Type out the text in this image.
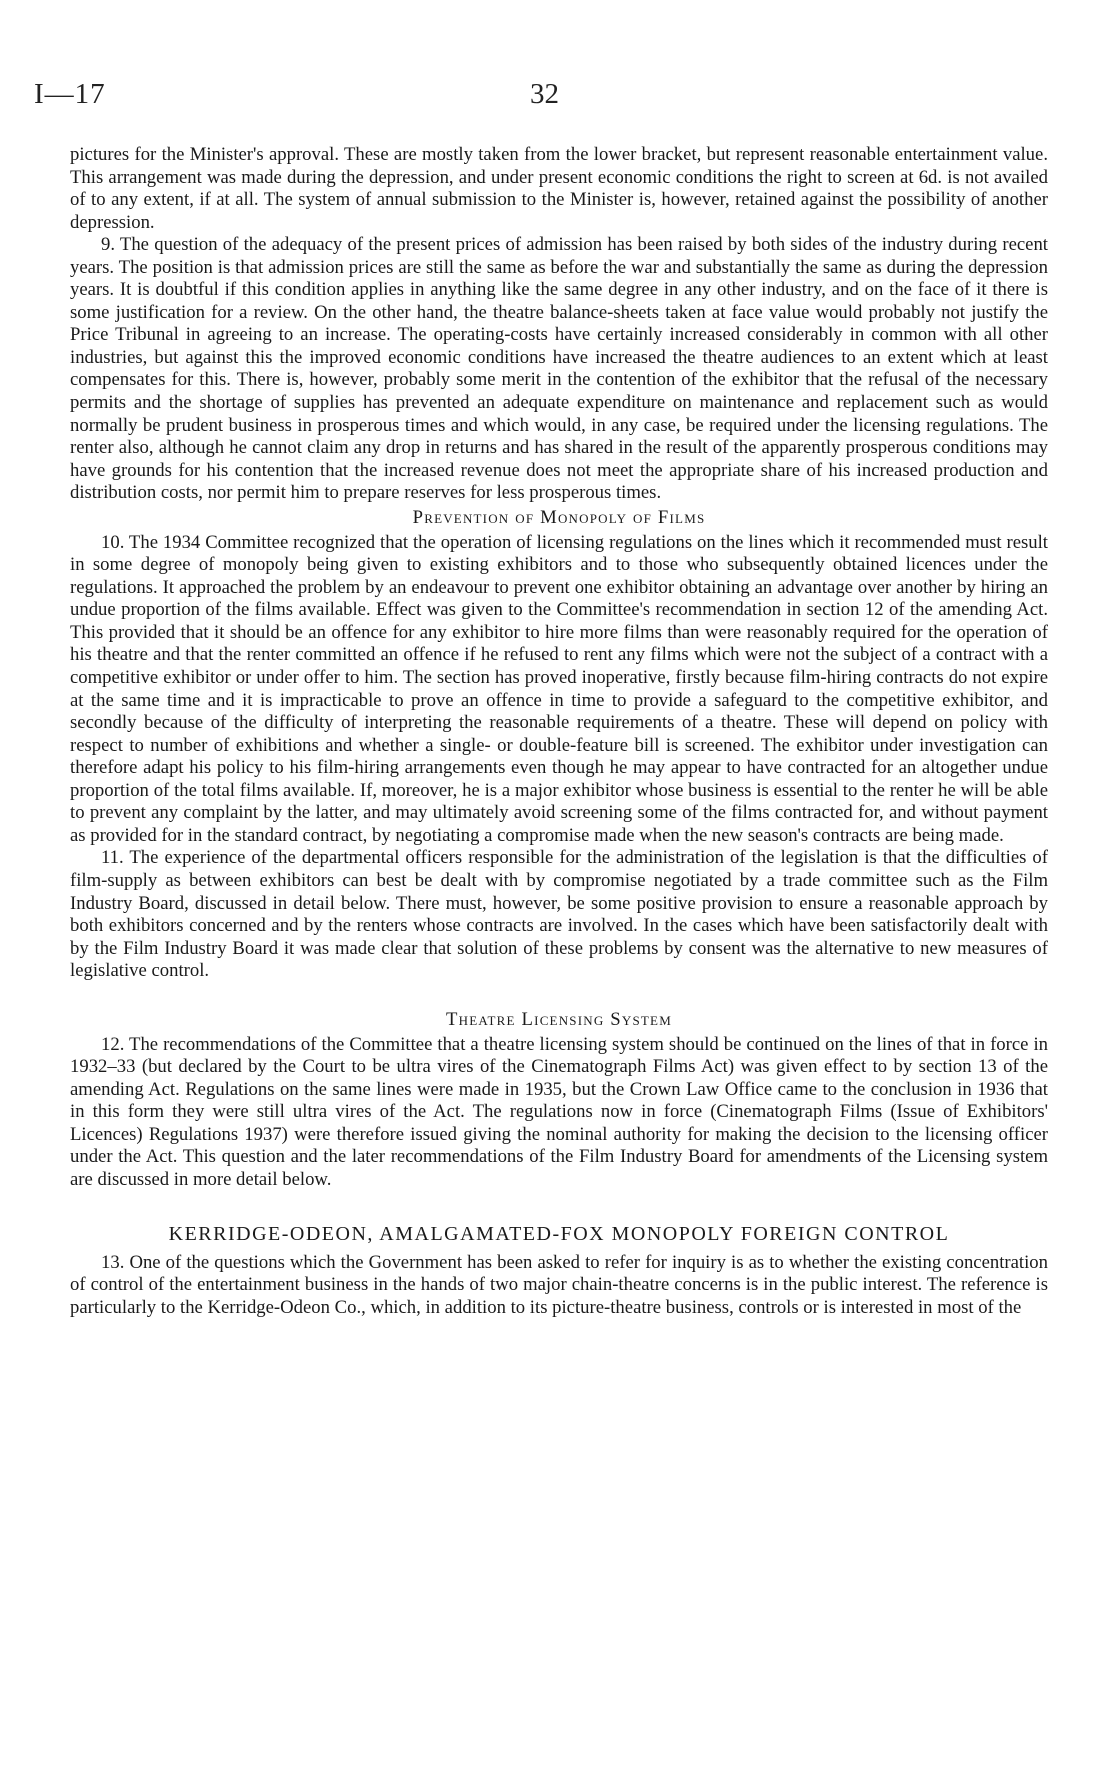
I—17	32

pictures for the Minister's approval. These are mostly taken from the lower bracket, but represent reasonable entertainment value. This arrangement was made during the depression, and under present economic conditions the right to screen at 6d. is not availed of to any extent, if at all. The system of annual submission to the Minister is, however, retained against the possibility of another depression.

9. The question of the adequacy of the present prices of admission has been raised by both sides of the industry during recent years. The position is that admission prices are still the same as before the war and substantially the same as during the depression years. It is doubtful if this condition applies in anything like the same degree in any other industry, and on the face of it there is some justification for a review. On the other hand, the theatre balance-sheets taken at face value would probably not justify the Price Tribunal in agreeing to an increase. The operating-costs have certainly increased considerably in common with all other industries, but against this the improved economic conditions have increased the theatre audiences to an extent which at least compensates for this. There is, however, probably some merit in the contention of the exhibitor that the refusal of the necessary permits and the shortage of supplies has prevented an adequate expenditure on maintenance and replacement such as would normally be prudent business in prosperous times and which would, in any case, be required under the licensing regulations. The renter also, although he cannot claim any drop in returns and has shared in the result of the apparently prosperous conditions may have grounds for his contention that the increased revenue does not meet the appropriate share of his increased production and distribution costs, nor permit him to prepare reserves for less prosperous times.

Prevention of Monopoly of Films

10. The 1934 Committee recognized that the operation of licensing regulations on the lines which it recommended must result in some degree of monopoly being given to existing exhibitors and to those who subsequently obtained licences under the regulations. It approached the problem by an endeavour to prevent one exhibitor obtaining an advantage over another by hiring an undue proportion of the films available. Effect was given to the Committee's recommendation in section 12 of the amending Act. This provided that it should be an offence for any exhibitor to hire more films than were reasonably required for the operation of his theatre and that the renter committed an offence if he refused to rent any films which were not the subject of a contract with a competitive exhibitor or under offer to him. The section has proved inoperative, firstly because film-hiring contracts do not expire at the same time and it is impracticable to prove an offence in time to provide a safeguard to the competitive exhibitor, and secondly because of the difficulty of interpreting the reasonable requirements of a theatre. These will depend on policy with respect to number of exhibitions and whether a single- or double-feature bill is screened. The exhibitor under investigation can therefore adapt his policy to his film-hiring arrangements even though he may appear to have contracted for an altogether undue proportion of the total films available. If, moreover, he is a major exhibitor whose business is essential to the renter he will be able to prevent any complaint by the latter, and may ultimately avoid screening some of the films contracted for, and without payment as provided for in the standard contract, by negotiating a compromise made when the new season's contracts are being made.

11. The experience of the departmental officers responsible for the administration of the legislation is that the difficulties of film-supply as between exhibitors can best be dealt with by compromise negotiated by a trade committee such as the Film Industry Board, discussed in detail below. There must, however, be some positive provision to ensure a reasonable approach by both exhibitors concerned and by the renters whose contracts are involved. In the cases which have been satisfactorily dealt with by the Film Industry Board it was made clear that solution of these problems by consent was the alternative to new measures of legislative control.

Theatre Licensing System

12. The recommendations of the Committee that a theatre licensing system should be continued on the lines of that in force in 1932–33 (but declared by the Court to be ultra vires of the Cinematograph Films Act) was given effect to by section 13 of the amending Act. Regulations on the same lines were made in 1935, but the Crown Law Office came to the conclusion in 1936 that in this form they were still ultra vires of the Act. The regulations now in force (Cinematograph Films (Issue of Exhibitors' Licences) Regulations 1937) were therefore issued giving the nominal authority for making the decision to the licensing officer under the Act. This question and the later recommendations of the Film Industry Board for amendments of the Licensing system are discussed in more detail below.

KERRIDGE-ODEON, AMALGAMATED-FOX MONOPOLY FOREIGN CONTROL

13. One of the questions which the Government has been asked to refer for inquiry is as to whether the existing concentration of control of the entertainment business in the hands of two major chain-theatre concerns is in the public interest. The reference is particularly to the Kerridge-Odeon Co., which, in addition to its picture-theatre business, controls or is interested in most of the
